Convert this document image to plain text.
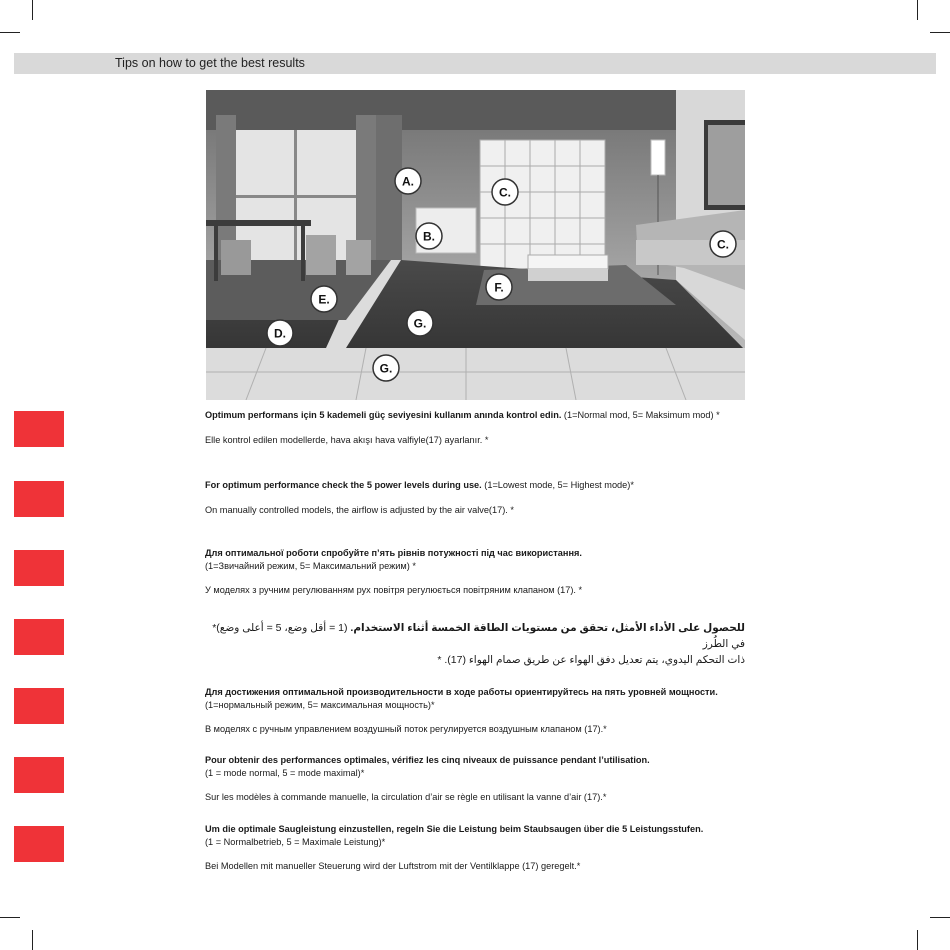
Tips on how to get the best results
A.
B.
C.
C.
D.
E.
F.
G.
G.
Optimum performans için 5 kademeli güç seviyesini kullanım anında kontrol edin. (1=Normal mod, 5= Maksimum mod) *
Elle kontrol edilen modellerde, hava akışı hava valfiyle(17) ayarlanır. *
For optimum performance check the 5 power levels during use. (1=Lowest mode, 5= Highest mode)*
On manually controlled models, the airflow is adjusted by the air valve(17). *
Для оптимальної роботи спробуйте п’ять рівнів потужності під час використання.
(1=Звичайний режим, 5= Максимальний режим) *
У моделях з ручним регулюванням рух повітря регулюється повітряним клапаном (17). *
للحصول على الأداء الأمثل، تحقق من مستويات الطاقة الخمسة أثناء الاستخدام. (1 = أقل وضع، 5 = أعلى وضع)* في الطُرز
ذات التحكم اليدوي، يتم تعديل دفق الهواء عن طريق صمام الهواء (17). *
Для достижения оптимальной производительности в ходе работы ориентируйтесь на пять уровней мощности.
(1=нормальный режим, 5= максимальная мощность)*
В моделях с ручным управлением воздушный поток регулируется воздушным клапаном (17).*
Pour obtenir des performances optimales, vérifiez les cinq niveaux de puissance pendant l’utilisation.
(1 = mode normal, 5 = mode maximal)*
Sur les modèles à commande manuelle, la circulation d’air se règle en utilisant la vanne d’air (17).*
Um die optimale Saugleistung einzustellen, regeln Sie die Leistung beim Staubsaugen über die 5 Leistungsstufen.
(1 = Normalbetrieb, 5 = Maximale Leistung)*
Bei Modellen mit manueller Steuerung wird der Luftstrom mit der Ventilklappe (17) geregelt.*
